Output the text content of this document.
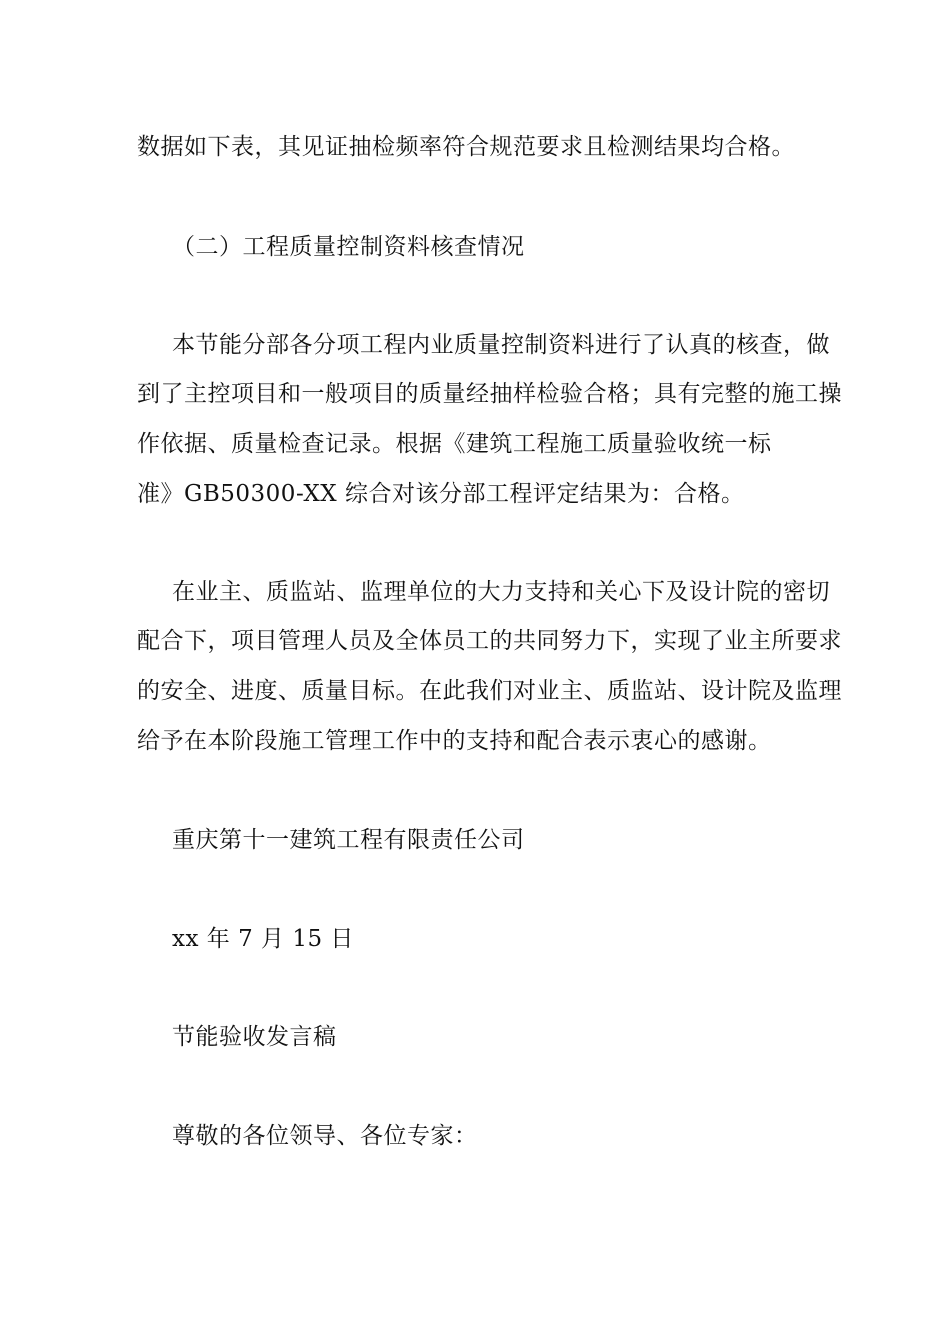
数据如下表，其见证抽检频率符合规范要求且检测结果均合格。
（二）工程质量控制资料核查情况
本节能分部各分项工程内业质量控制资料进行了认真的核查，做
到了主控项目和一般项目的质量经抽样检验合格；具有完整的施工操
作依据、质量检查记录。根据《建筑工程施工质量验收统一标
准》GB50300-XX 综合对该分部工程评定结果为：合格。
在业主、质监站、监理单位的大力支持和关心下及设计院的密切
配合下，项目管理人员及全体员工的共同努力下，实现了业主所要求
的安全、进度、质量目标。在此我们对业主、质监站、设计院及监理
给予在本阶段施工管理工作中的支持和配合表示衷心的感谢。
重庆第十一建筑工程有限责任公司
xx 年 7 月 15 日
节能验收发言稿
尊敬的各位领导、各位专家：
